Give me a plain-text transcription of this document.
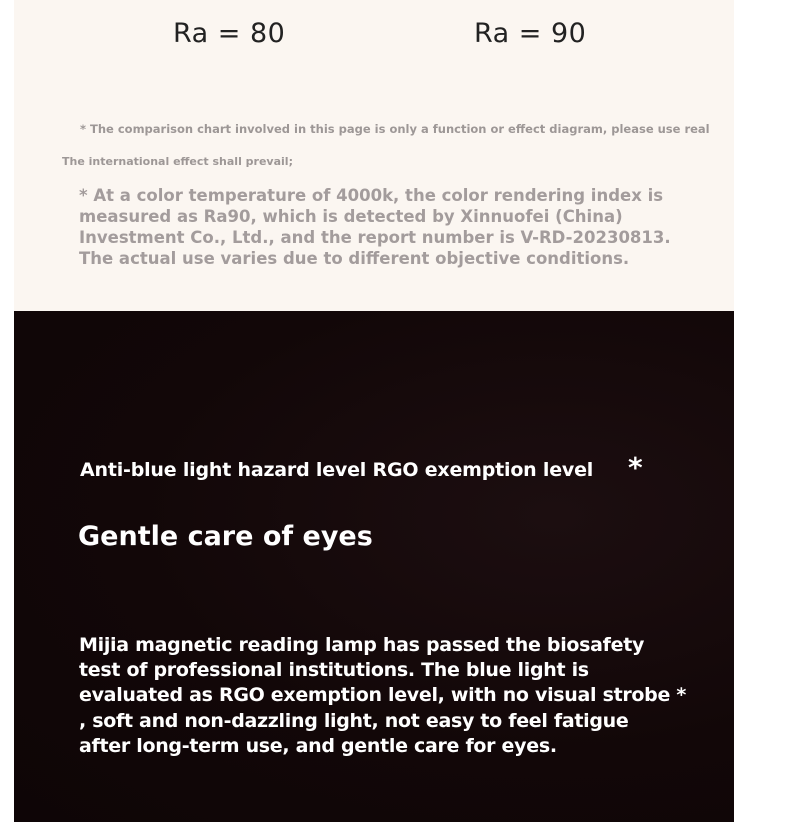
Ra = 80	Ra = 90
* The comparison chart involved in this page is only a function or effect diagram, please use real
The international effect shall prevail;
* At a color temperature of 4000k, the color rendering index is measured as Ra90, which is detected by Xinnuofei (China) Investment Co., Ltd., and the report number is V-RD-20230813. The actual use varies due to different objective conditions.
Anti-blue light hazard level RGO exemption level *
Gentle care of eyes
Mijia magnetic reading lamp has passed the biosafety
test of professional institutions. The blue light is
evaluated as RGO exemption level, with no visual strobe *
, soft and non-dazzling light, not easy to feel fatigue
after long-term use, and gentle care for eyes.
